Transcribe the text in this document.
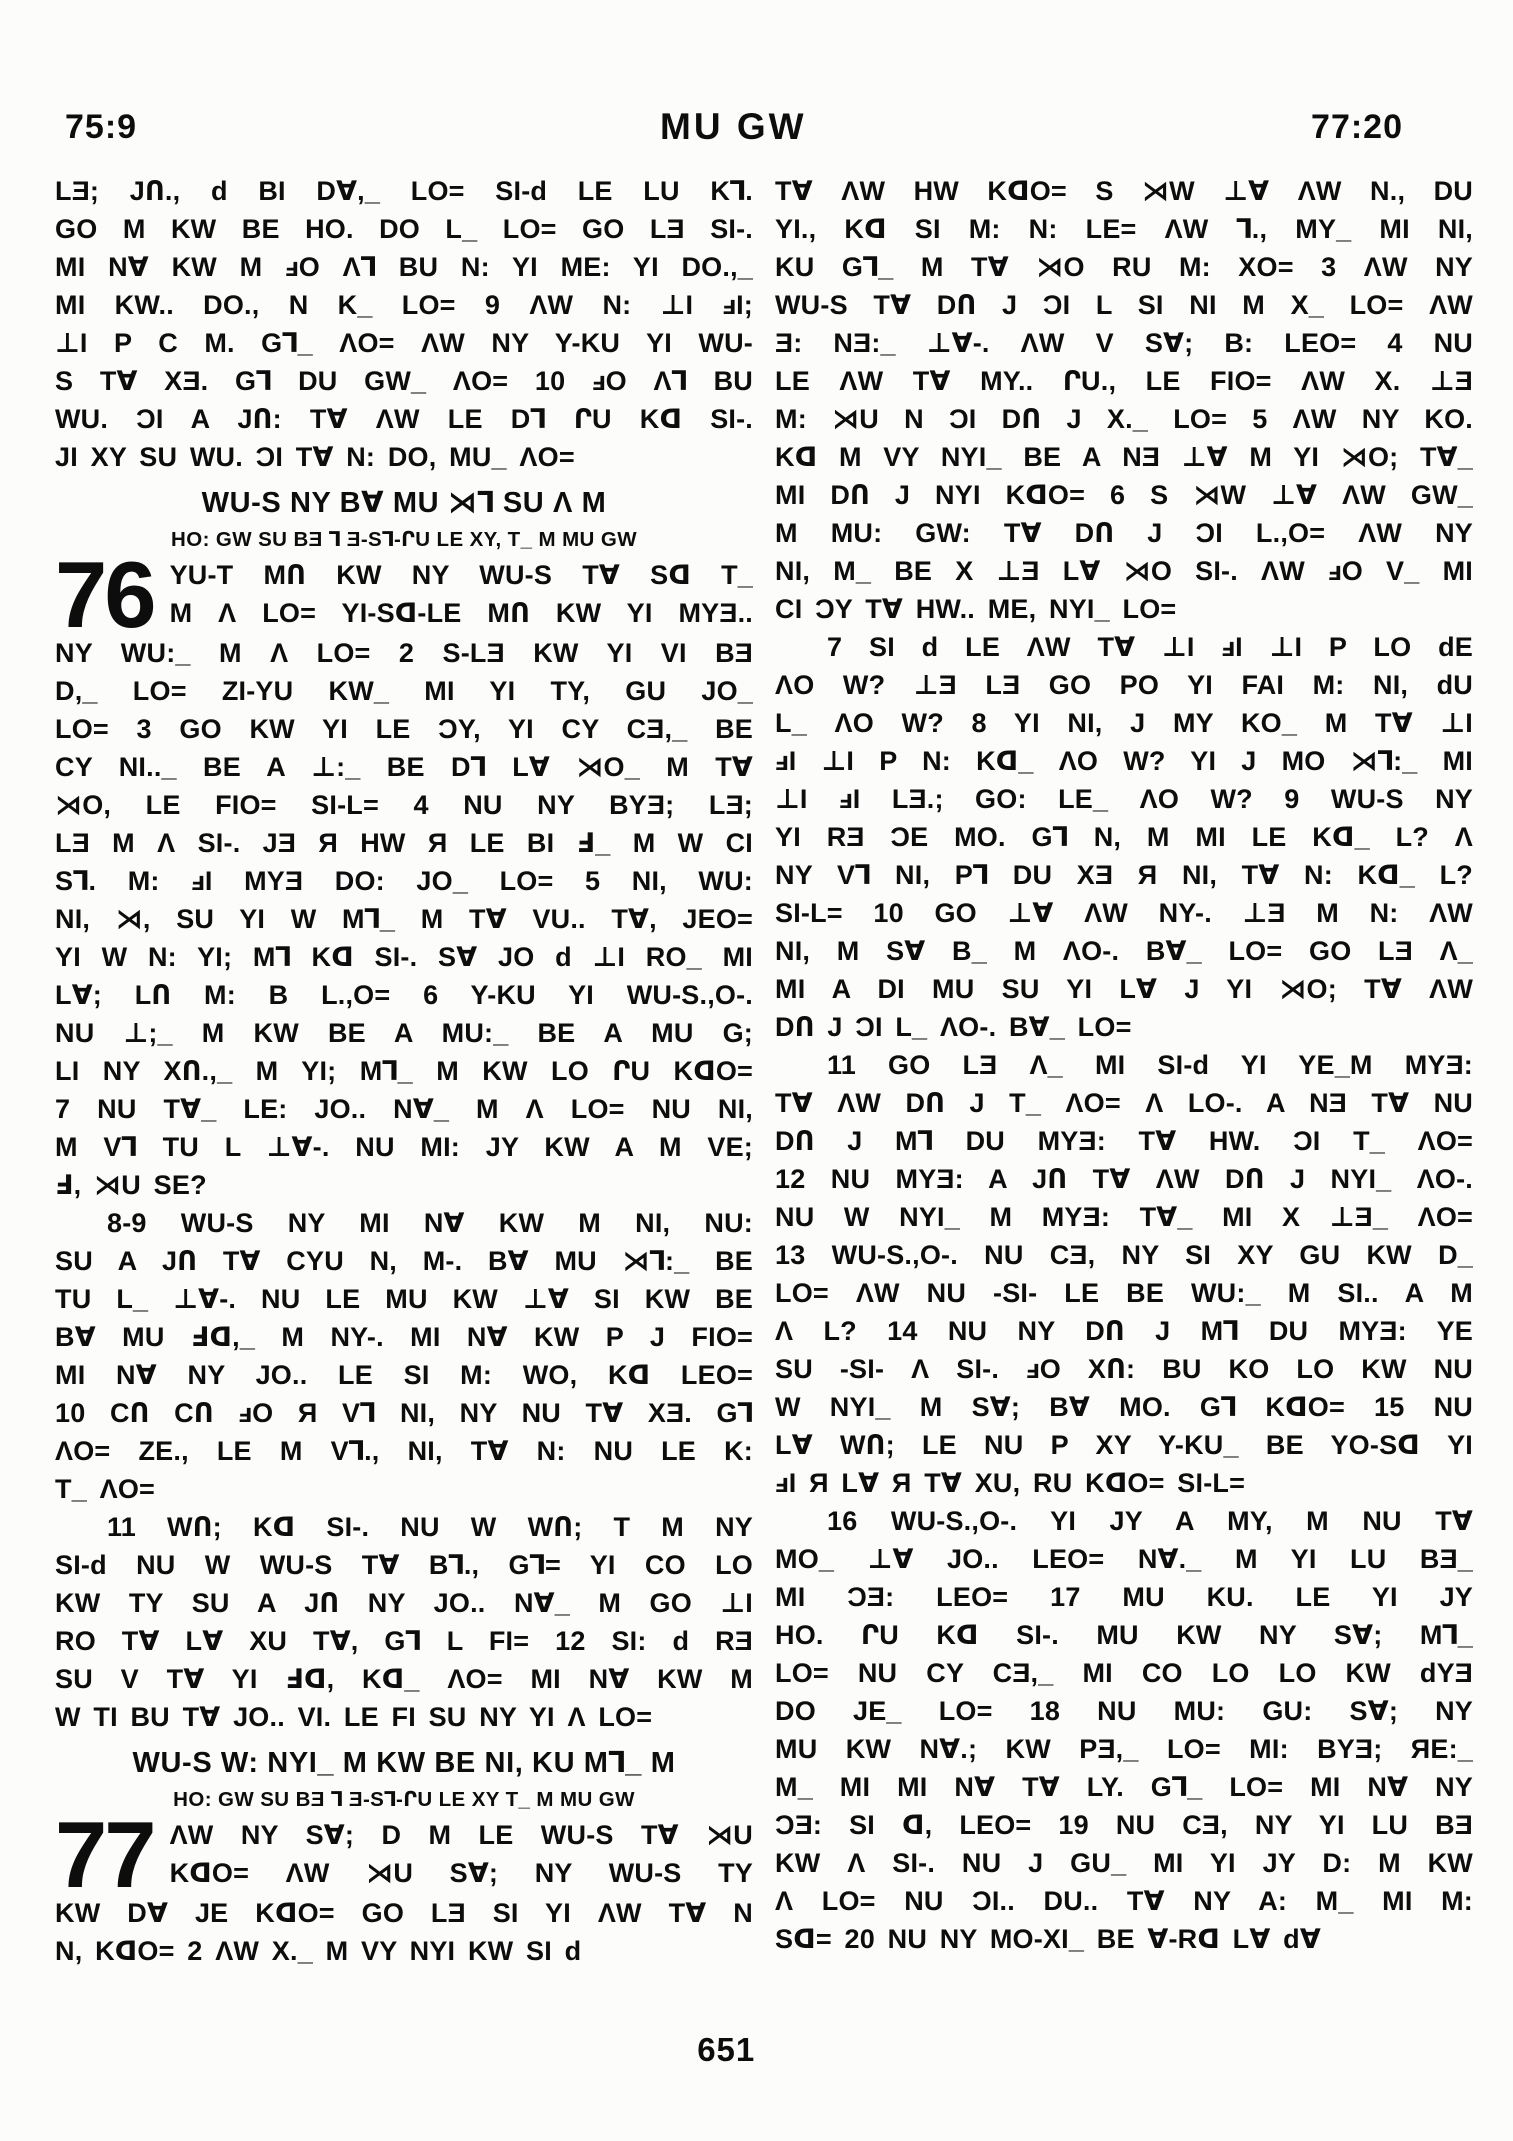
75:9	MU GW	77:20
LƎ; JՈ., d BI D∀,_ LO= SI-d LE LU K⅂.
GO M KW BE HO. DO L_ LO= GO LƎ SI-.
MI N∀ KW M ⅎO Λ⅂ BU N: YI ME: YI DO.,_
MI KW.. DO., N K_ LO= 9 ΛW N: ⊥I ⅎI;
⊥I P C M. G⅂_ ΛO= ΛW NY Y-KU YI WU-
S T∀ XƎ. G⅂ DU GW_ ΛO= 10 ⅎO Λ⅂ BU
WU. ƆI A JՈ: T∀ ΛW LE D⅂ ՐU Kᗡ SI-.
JI XY SU WU. ƆI T∀ N: DO, MU_ ΛO=
WU-S NY B∀ MU ⋊⅂ SU Λ M
HO: GW SU BƎ ⅂ Ǝ-S⅂-ՐU LE XY, T_ M MU GW
76 YU-T MՈ KW NY WU-S T∀ Sᗡ T_
M Λ LO= YI-Sᗡ-LE MՈ KW YI MYƎ..
NY WU:_ M Λ LO= 2 S-LƎ KW YI VI BƎ
D,_ LO= ZI-YU KW_ MI YI TY, GU JO_
LO= 3 GO KW YI LE ƆY, YI CY CƎ,_ BE
CY NI.._ BE A ⊥:_ BE D⅂ L∀ ⋊O_ M T∀
⋊O, LE FIO= SI-L= 4 NU NY BYƎ; LƎ;
LƎ M Λ SI-. JƎ Я HW Я LE BI Ⅎ_ M W CI
S⅂. M: ⅎI MYƎ DO: JO_ LO= 5 NI, WU:
NI, ⋊, SU YI W M⅂_ M T∀ VU.. T∀, JEO=
YI W N: YI; M⅂ Kᗡ SI-. S∀ JO d ⊥I RO_ MI
L∀; LՈ M: B L.,O= 6 Y-KU YI WU-S.,O-.
NU ⊥;_ M KW BE A MU:_ BE A MU G;
LI NY XՈ.,_ M YI; M⅂_ M KW LO ՐU KᗡO=
7 NU T∀_ LE: JO.. N∀_ M Λ LO= NU NI,
M V⅂ TU L ⊥∀-. NU MI: JY KW A M VE;
Ⅎ, ⋊U SE?
8-9 WU-S NY MI N∀ KW M NI, NU:
SU A JՈ T∀ CYU N, M-. B∀ MU ⋊⅂:_ BE
TU L_ ⊥∀-. NU LE MU KW ⊥∀ SI KW BE
B∀ MU Ⅎᗡ,_ M NY-. MI N∀ KW P J FIO=
MI N∀ NY JO.. LE SI M: WO, Kᗡ LEO=
10 CՈ CՈ ⅎO Я V⅂ NI, NY NU T∀ XƎ. G⅂
ΛO= ZE., LE M V⅂., NI, T∀ N: NU LE K:
T_ ΛO=
11 WՈ; Kᗡ SI-. NU W WՈ; T M NY
SI-d NU W WU-S T∀ B⅂., G⅂= YI CO LO
KW TY SU A JՈ NY JO.. N∀_ M GO ⊥I
RO T∀ L∀ XU T∀, G⅂ L FI= 12 SI: d RƎ
SU V T∀ YI Ⅎᗡ, Kᗡ_ ΛO= MI N∀ KW M
W TI BU T∀ JO.. VI. LE FI SU NY YI Λ LO=
WU-S W: NYI_ M KW BE NI, KU M⅂_ M
HO: GW SU BƎ ⅂ Ǝ-S⅂-ՐU LE XY T_ M MU GW
77 ΛW NY S∀; D M LE WU-S T∀ ⋊U
KᗡO= ΛW ⋊U S∀; NY WU-S TY
KW D∀ JE KᗡO= GO LƎ SI YI ΛW T∀ N
N, KᗡO= 2 ΛW X._ M VY NYI KW SI d
T∀ ΛW HW KᗡO= S ⋊W ⊥∀ ΛW N., DU
YI., Kᗡ SI M: N: LE= ΛW ⅂., MY_ MI NI,
KU G⅂_ M T∀ ⋊O RU M: XO= 3 ΛW NY
WU-S T∀ DՈ J ƆI L SI NI M X_ LO= ΛW
Ǝ: NƎ:_ ⊥∀-. ΛW V S∀; B: LEO= 4 NU
LE ΛW T∀ MY.. ՐU., LE FIO= ΛW X. ⊥Ǝ
M: ⋊U N ƆI DՈ J X._ LO= 5 ΛW NY KO.
Kᗡ M VY NYI_ BE A NƎ ⊥∀ M YI ⋊O; T∀_
MI DՈ J NYI KᗡO= 6 S ⋊W ⊥∀ ΛW GW_
M MU: GW: T∀ DՈ J ƆI L.,O= ΛW NY
NI, M_ BE X ⊥Ǝ L∀ ⋊O SI-. ΛW ⅎO V_ MI
CI ƆY T∀ HW.. ME, NYI_ LO=
7 SI d LE ΛW T∀ ⊥I ⅎI ⊥I P LO dE
ΛO W? ⊥Ǝ LƎ GO PO YI FAI M: NI, dU
L_ ΛO W? 8 YI NI, J MY KO_ M T∀ ⊥I
ⅎI ⊥I P N: Kᗡ_ ΛO W? YI J MO ⋊⅂:_ MI
⊥I ⅎI LƎ.; GO: LE_ ΛO W? 9 WU-S NY
YI RƎ ƆE MO. G⅂ N, M MI LE Kᗡ_ L? Λ
NY V⅂ NI, P⅂ DU XƎ Я NI, T∀ N: Kᗡ_ L?
SI-L= 10 GO ⊥∀ ΛW NY-. ⊥Ǝ M N: ΛW
NI, M S∀ B_ M ΛO-. B∀_ LO= GO LƎ Λ_
MI A DI MU SU YI L∀ J YI ⋊O; T∀ ΛW
DՈ J ƆI L_ ΛO-. B∀_ LO=
11 GO LƎ Λ_ MI SI-d YI YE_M MYƎ:
T∀ ΛW DՈ J T_ ΛO= Λ LO-. A NƎ T∀ NU
DՈ J M⅂ DU MYƎ: T∀ HW. ƆI T_ ΛO=
12 NU MYƎ: A JՈ T∀ ΛW DՈ J NYI_ ΛO-.
NU W NYI_ M MYƎ: T∀_ MI X ⊥Ǝ_ ΛO=
13 WU-S.,O-. NU CƎ, NY SI XY GU KW D_
LO= ΛW NU -SI- LE BE WU:_ M SI.. A M
Λ L? 14 NU NY DՈ J M⅂ DU MYƎ: YE
SU -SI- Λ SI-. ⅎO XՈ: BU KO LO KW NU
W NYI_ M S∀; B∀ MO. G⅂ KᗡO= 15 NU
L∀ WՈ; LE NU P XY Y-KU_ BE YO-Sᗡ YI
ⅎI Я L∀ Я T∀ XU, RU KᗡO= SI-L=
16 WU-S.,O-. YI JY A MY, M NU T∀
MO_ ⊥∀ JO.. LEO= N∀._ M YI LU BƎ_
MI ƆƎ: LEO= 17 MU KU. LE YI JY
HO. ՐU Kᗡ SI-. MU KW NY S∀; M⅂_
LO= NU CY CƎ,_ MI CO LO LO KW dYƎ
DO JE_ LO= 18 NU MU: GU: S∀; NY
MU KW N∀.; KW PƎ,_ LO= MI: BYƎ; ЯE:_
M_ MI MI N∀ T∀ LY. G⅂_ LO= MI N∀ NY
ƆƎ: SI ᗡ, LEO= 19 NU CƎ, NY YI LU BƎ
KW Λ SI-. NU J GU_ MI YI JY D: M KW
Λ LO= NU ƆI.. DU.. T∀ NY A: M_ MI M:
Sᗡ= 20 NU NY MO-XI_ BE ∀-Rᗡ L∀ d∀
651
